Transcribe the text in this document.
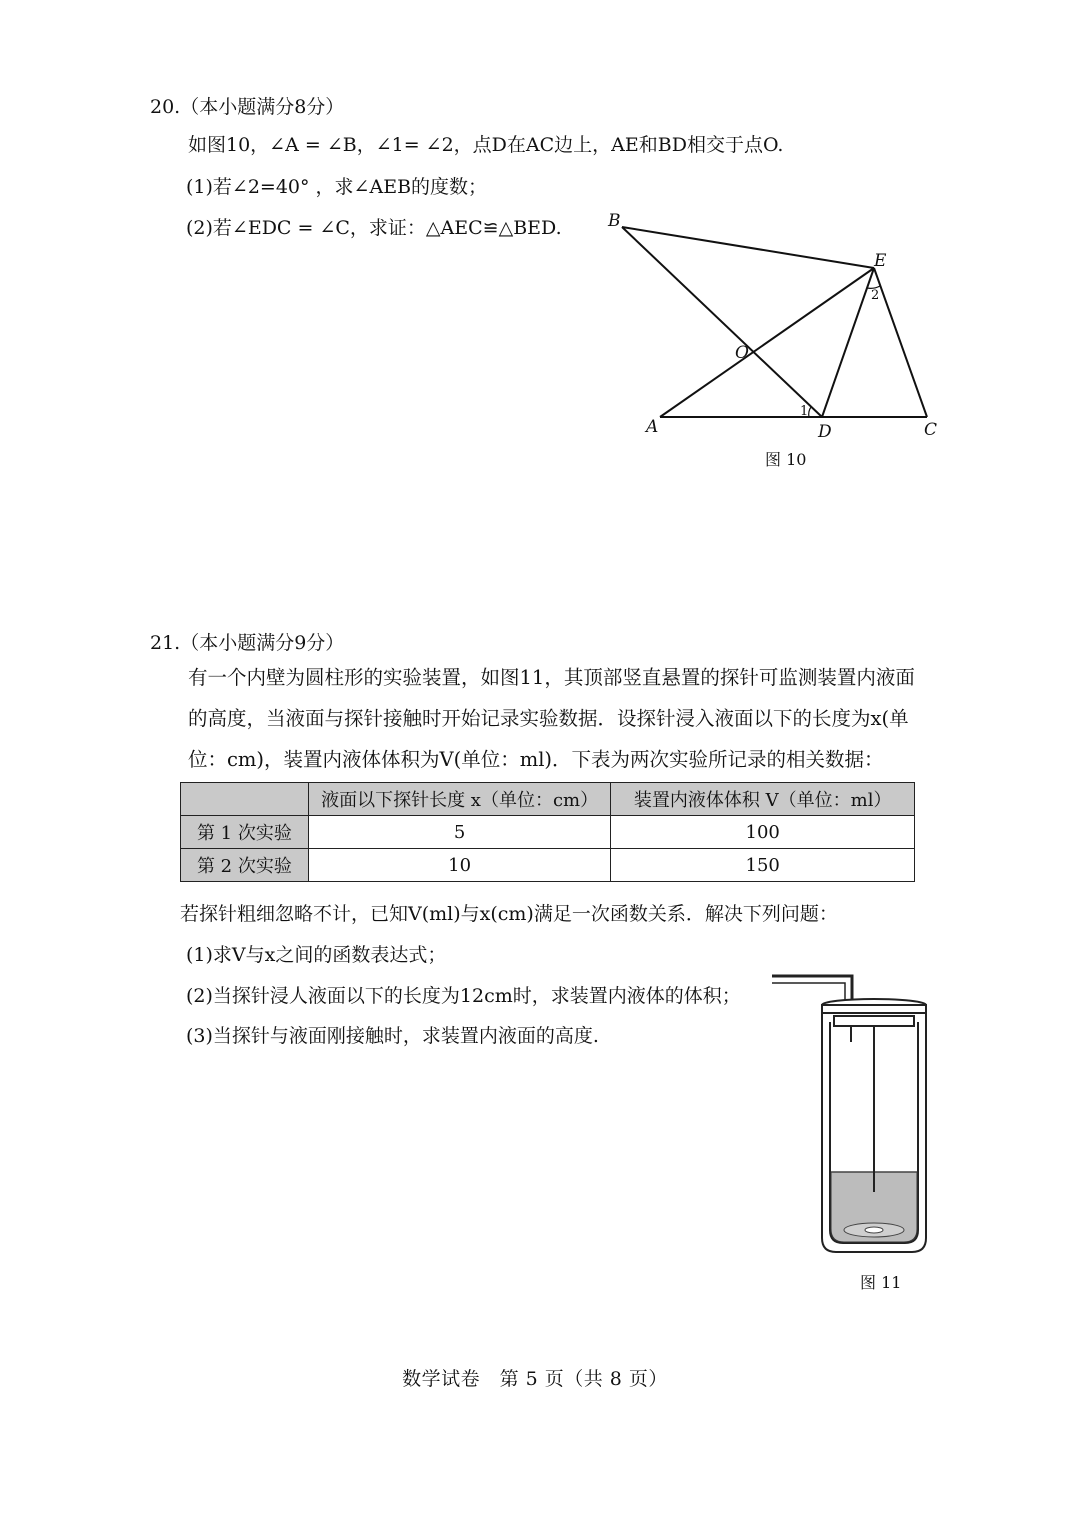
20.（本小题满分8分）
如图10，∠A = ∠B，∠1= ∠2，点D在AC边上，AE和BD相交于点O.
(1)若∠2=40° ，求∠AEB的度数；
(2)若∠EDC = ∠C，求证：△AEC≌△BED.	B
E
O
A	D	C
1
2
图 10
21.（本小题满分9分）
有一个内壁为圆柱形的实验装置，如图11，其顶部竖直悬置的探针可监测装置内液面
的高度，当液面与探针接触时开始记录实验数据．设探针浸入液面以下的长度为x(单
位：cm)，装置内液体体积为V(单位：ml)．下表为两次实验所记录的相关数据：
	液面以下探针长度 x（单位：cm）	装置内液体体积 V（单位：ml）
第 1 次实验	5	100
第 2 次实验	10	150
若探针粗细忽略不计，已知V(ml)与x(cm)满足一次函数关系．解决下列问题：
(1)求V与x之间的函数表达式；
(2)当探针浸人液面以下的长度为12cm时，求装置内液体的体积；
(3)当探针与液面刚接触时，求装置内液面的高度.
图 11
数学试卷　第 5 页（共 8 页）
